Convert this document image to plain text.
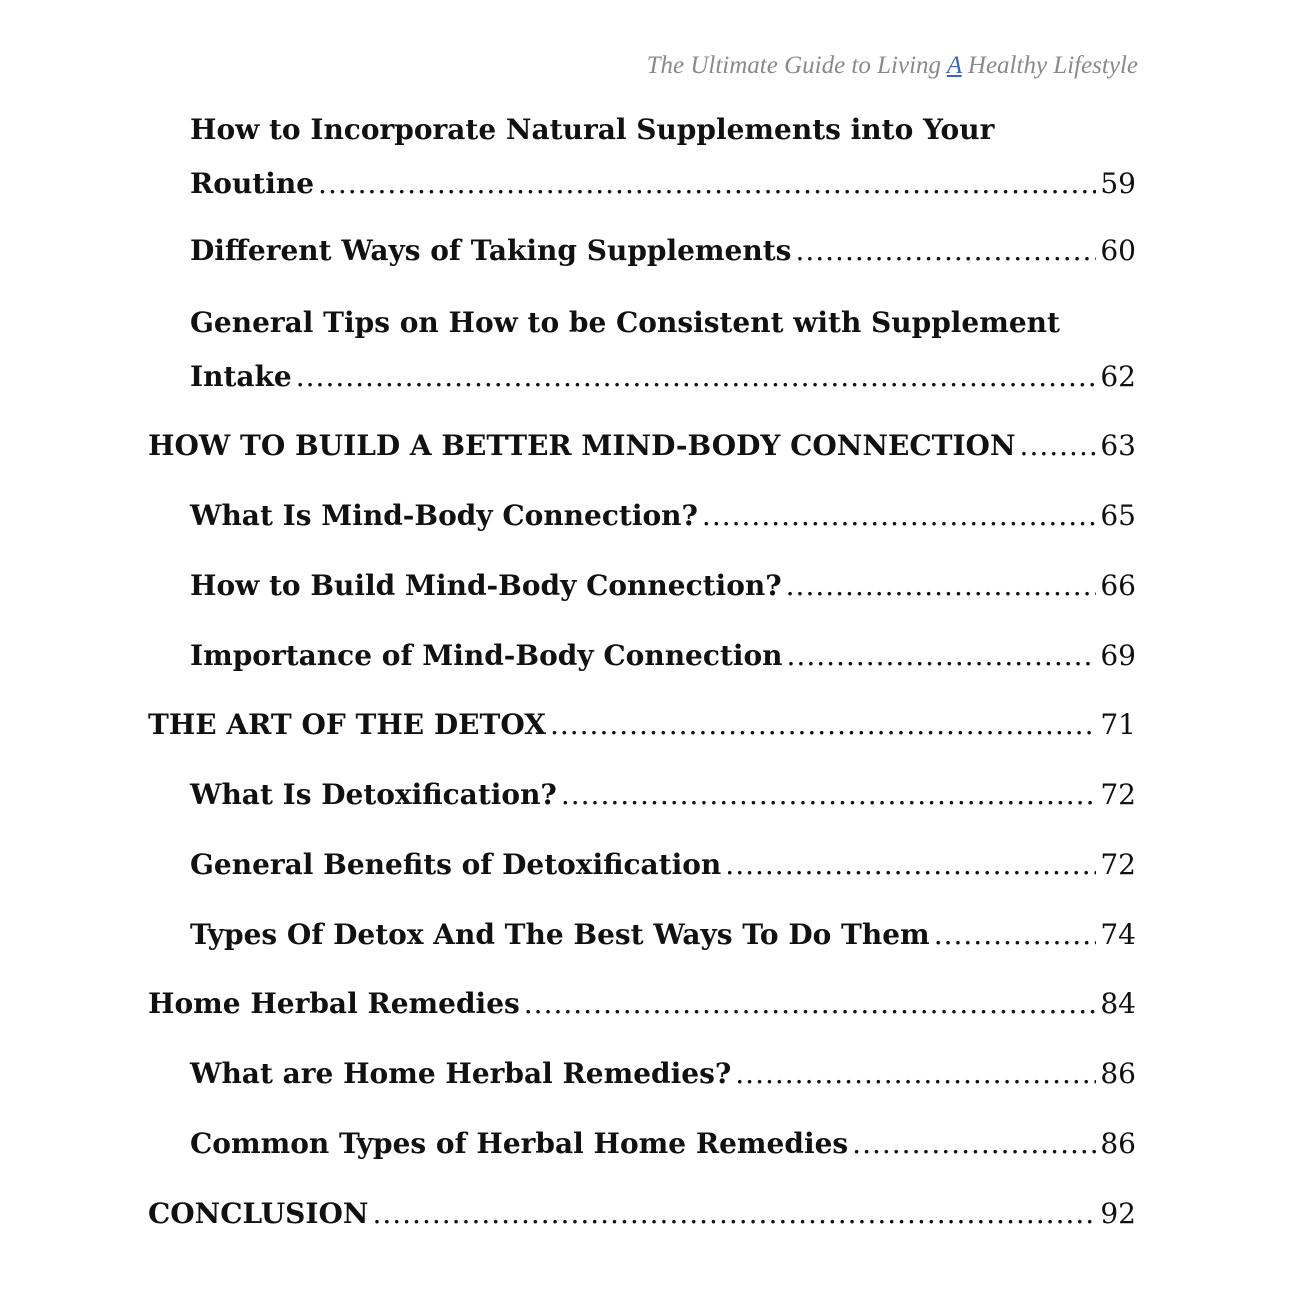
The Ultimate Guide to Living A Healthy Lifestyle
How to Incorporate Natural Supplements into Your
Routine .....	59
Different Ways of Taking Supplements .....	60
General Tips on How to be Consistent with Supplement
Intake .....	62
HOW TO BUILD A BETTER MIND-BODY CONNECTION .....	63
What Is Mind-Body Connection? .....	65
How to Build Mind-Body Connection? .....	66
Importance of Mind-Body Connection .....	69
THE ART OF THE DETOX .....	71
What Is Detoxification? .....	72
General Benefits of Detoxification .....	72
Types Of Detox And The Best Ways To Do Them .....	74
Home Herbal Remedies .....	84
What are Home Herbal Remedies? .....	86
Common Types of Herbal Home Remedies .....	86
CONCLUSION .....	92
